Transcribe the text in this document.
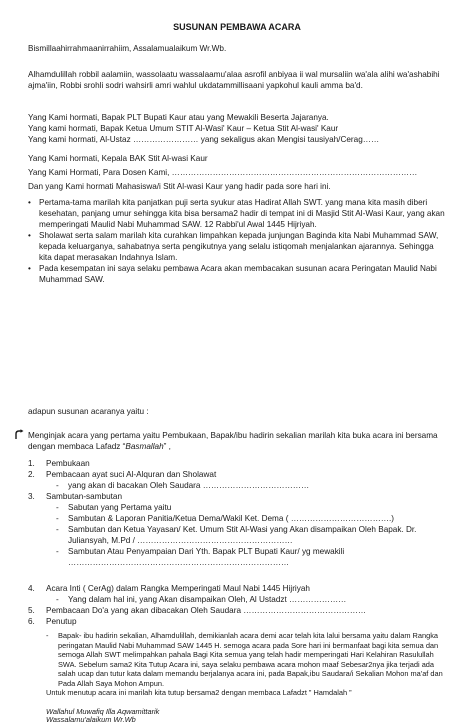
SUSUNAN PEMBAWA ACARA
Bismillaahirrahmaanirrahiim, Assalamualaikum Wr.Wb.
Alhamdulillah robbil aalamiin, wassolaatu wassalaamu'alaa asrofil anbiyaa ii wal mursaliin wa'ala alihi wa'ashabihi ajma'iin, Robbi srohli sodri wahsirli amri wahlul ukdatammillisaani yapkohul kauli amma ba'd.

Yang Kami hormati, Bapak PLT Bupati Kaur atau yang Mewakili Beserta Jajaranya.

Yang kami hormati, Bapak Ketua Umum STIT Al-Wasi' Kaur – Ketua Stit Al-wasi' Kaur

Yang kami hormati, Al-Ustaz …………………… yang sekaligus akan Mengisi tausiyah/Cerag……

Yang Kami hormati, Kepala BAK Stit Al-wasi Kaur
Yang Kami Hormati, Para Dosen Kami, ………………………………………………………………………………
Dan yang Kami hormati Mahasiswa/i Stit Al-wasi Kaur yang hadir pada sore hari ini.
• Pertama-tama marilah kita panjatkan puji serta syukur atas Hadirat Allah SWT. yang mana kita masih diberi kesehatan, panjang umur sehingga kita bisa bersama2 hadir di tempat ini di Masjid Stit Al-Wasi Kaur, yang akan memperingati Maulid Nabi Muhammad SAW. 12 Rabbi'ul Awal 1445 Hijriyah.
• Sholawat serta salam marilah kita curahkan limpahkan kepada junjungan Baginda kita Nabi Muhammad SAW, kepada keluarganya, sahabatnya serta pengikutnya yang selalu istiqomah menjalankan ajarannya. Sehingga kita dapat merasakan Indahnya Islam.
• Pada kesempatan ini saya selaku pembawa Acara akan membacakan susunan acara Peringatan Maulid Nabi Muhammad SAW.
adapun susunan acaranya yaitu :
Menginjak acara yang pertama yaitu Pembukaan, Bapak/ibu hadirin sekalian marilah kita buka acara ini bersama dengan membaca Lafadz “Basmallah” ,
1. Pembukaan
2. Pembacaan ayat suci Al-Alquran dan Sholawat
- yang akan di bacakan Oleh Saudara …………………………………
3. Sambutan-sambutan
- Sabutan yang Pertama yaitu
- Sambutan & Laporan Panitia/Ketua Dema/Wakil Ket. Dema ( ……………………………….)
- Sambutan dan Ketua Yayasan/ Ket. Umum Stit Al-Wasi yang Akan disampaikan Oleh Bapak. Dr. Juliansyah, M.Pd / …………………………………………………
- Sambutan Atau Penyampaian Dari Yth. Bapak PLT Bupati Kaur/ yg mewakili ………………………………………………………………………
4. Acara Inti ( CerAg) dalam Rangka Memperingati Maul Nabi 1445 Hijriyah
- Yang dalam hal ini, yang Akan disampaikan Oleh, Al Ustadzt …………………
5. Pembacaan Do'a yang akan dibacakan Oleh Saudara ………………………………………
6. Penutup
- Bapak- ibu hadirin sekalian, Alhamdulillah, demikianlah acara demi acar telah kita lalui bersama yaitu dalam Rangka peringatan Maulid Nabi Muhammad SAW 1445 H. semoga acara pada Sore hari ini bermanfaat bagi kita semua dan semoga Allah SWT melimpahkan pahala Bagi Kita semua yang telah hadir memperingati Hari Kelahiran Rasulullah SWA. Sebelum sama2 Kita Tutup Acara ini, saya selaku pembawa acara mohon maaf Sebesar2nya jika terjadi ada salah ucap dan tutur kata dalam memandu berjalanya acara ini, pada Bapak,ibu Saudara/i Sekalian Mohon ma'af dan Pada Allah Saya Mohon Ampun.
Untuk menutup acara ini marilah kita tutup bersama2 dengan membaca Lafadzt ” Hamdalah ”
Wallahul Muwafiq Illa Aqwamittarik
Wassalamu'alaikum Wr.Wb
